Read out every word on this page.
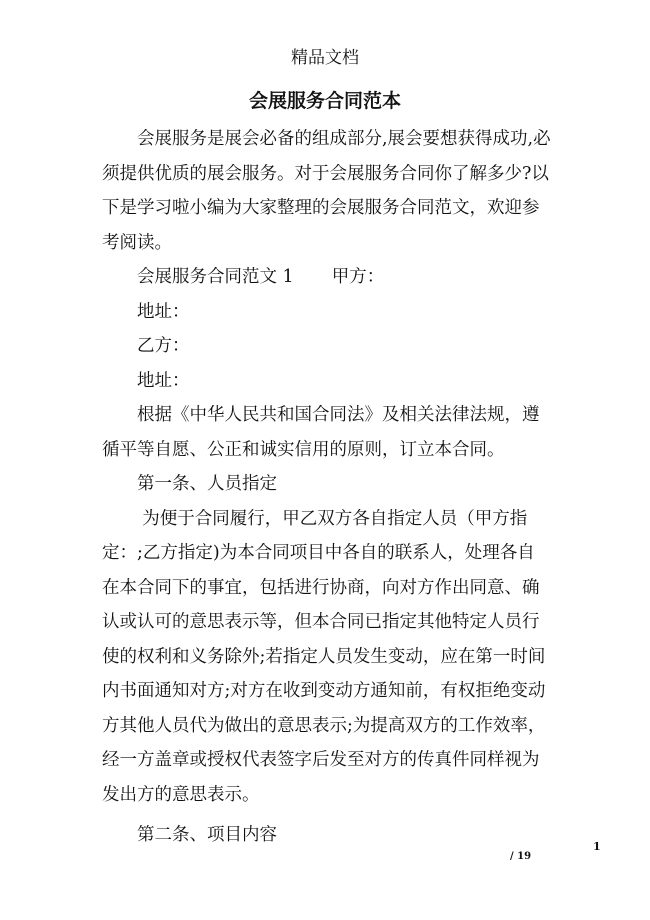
精品文档
会展服务合同范本

会展服务是展会必备的组成部分,展会要想获得成功,必须提供优质的展会服务。对于会展服务合同你了解多少?以下是学习啦小编为大家整理的会展服务合同范文，欢迎参考阅读。

会展服务合同范文 1 甲方：

地址：

乙方：

地址：

根据《中华人民共和国合同法》及相关法律法规，遵循平等自愿、公正和诚实信用的原则，订立本合同。

第一条、人员指定

为便于合同履行，甲乙双方各自指定人员（甲方指定：;乙方指定)为本合同项目中各自的联系人，处理各自在本合同下的事宜，包括进行协商，向对方作出同意、确认或认可的意思表示等，但本合同已指定其他特定人员行使的权利和义务除外;若指定人员发生变动，应在第一时间内书面通知对方;对方在收到变动方通知前，有权拒绝变动方其他人员代为做出的意思表示;为提高双方的工作效率，经一方盖章或授权代表签字后发至对方的传真件同样视为发出方的意思表示。

第二条、项目内容

1
/ 19
